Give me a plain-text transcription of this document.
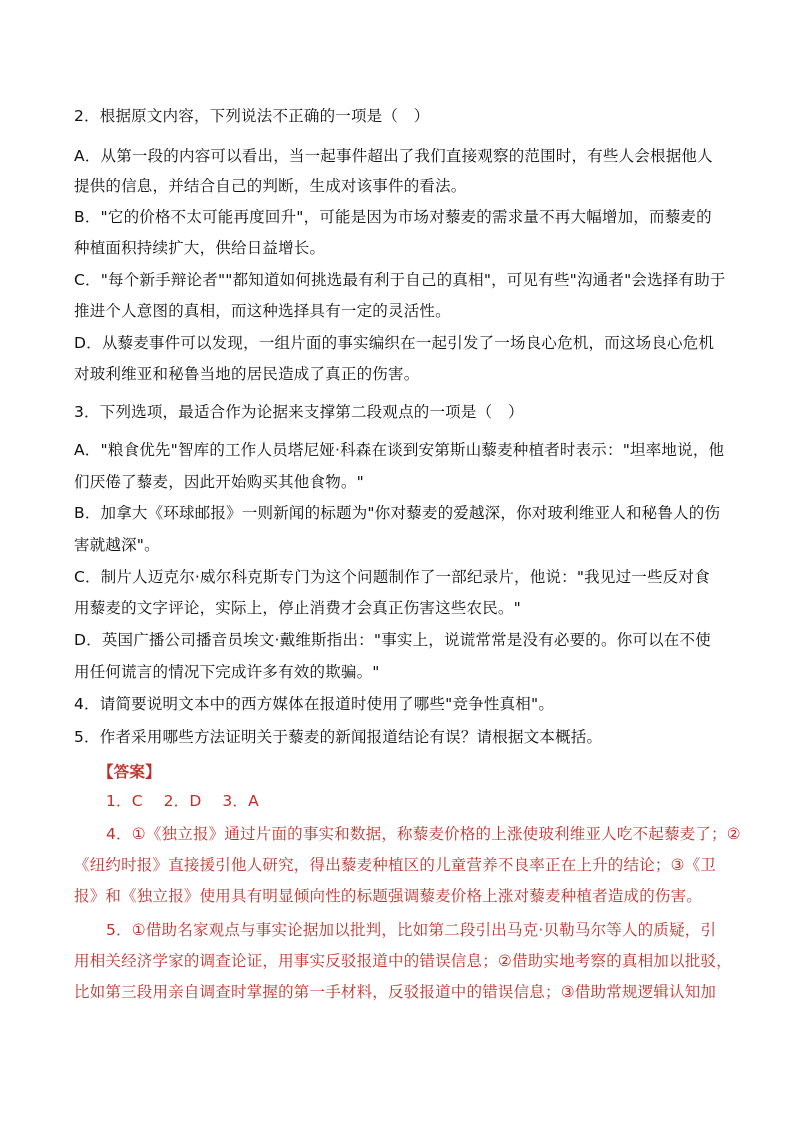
2．根据原文内容，下列说法不正确的一项是（　）
A．从第一段的内容可以看出，当一起事件超出了我们直接观察的范围时，有些人会根据他人
提供的信息，并结合自己的判断，生成对该事件的看法。
B．"它的价格不太可能再度回升"，可能是因为市场对藜麦的需求量不再大幅增加，而藜麦的
种植面积持续扩大，供给日益增长。
C．"每个新手辩论者""都知道如何挑选最有利于自己的真相"，可见有些"沟通者"会选择有助于
推进个人意图的真相，而这种选择具有一定的灵活性。
D．从藜麦事件可以发现，一组片面的事实编织在一起引发了一场良心危机，而这场良心危机
对玻利维亚和秘鲁当地的居民造成了真正的伤害。
3．下列选项，最适合作为论据来支撑第二段观点的一项是（　）
A．"粮食优先"智库的工作人员塔尼娅·科森在谈到安第斯山藜麦种植者时表示："坦率地说，他
们厌倦了藜麦，因此开始购买其他食物。"
B．加拿大《环球邮报》一则新闻的标题为"你对藜麦的爱越深，你对玻利维亚人和秘鲁人的伤
害就越深"。
C．制片人迈克尔·威尔科克斯专门为这个问题制作了一部纪录片，他说："我见过一些反对食
用藜麦的文字评论，实际上，停止消费才会真正伤害这些农民。"
D．英国广播公司播音员埃文·戴维斯指出："事实上，说谎常常是没有必要的。你可以在不使
用任何谎言的情况下完成许多有效的欺骗。"
4．请简要说明文本中的西方媒体在报道时使用了哪些"竞争性真相"。
5．作者采用哪些方法证明关于藜麦的新闻报道结论有误？请根据文本概括。
【答案】
1．C　 2．D　 3．A
4．①《独立报》通过片面的事实和数据，称藜麦价格的上涨使玻利维亚人吃不起藜麦了；②
《纽约时报》直接援引他人研究，得出藜麦种植区的儿童营养不良率正在上升的结论；③《卫
报》和《独立报》使用具有明显倾向性的标题强调藜麦价格上涨对藜麦种植者造成的伤害。
5．①借助名家观点与事实论据加以批判，比如第二段引出马克·贝勒马尔等人的质疑，引
用相关经济学家的调查论证，用事实反驳报道中的错误信息；②借助实地考察的真相加以批驳，
比如第三段用亲自调查时掌握的第一手材料，反驳报道中的错误信息；③借助常规逻辑认知加
